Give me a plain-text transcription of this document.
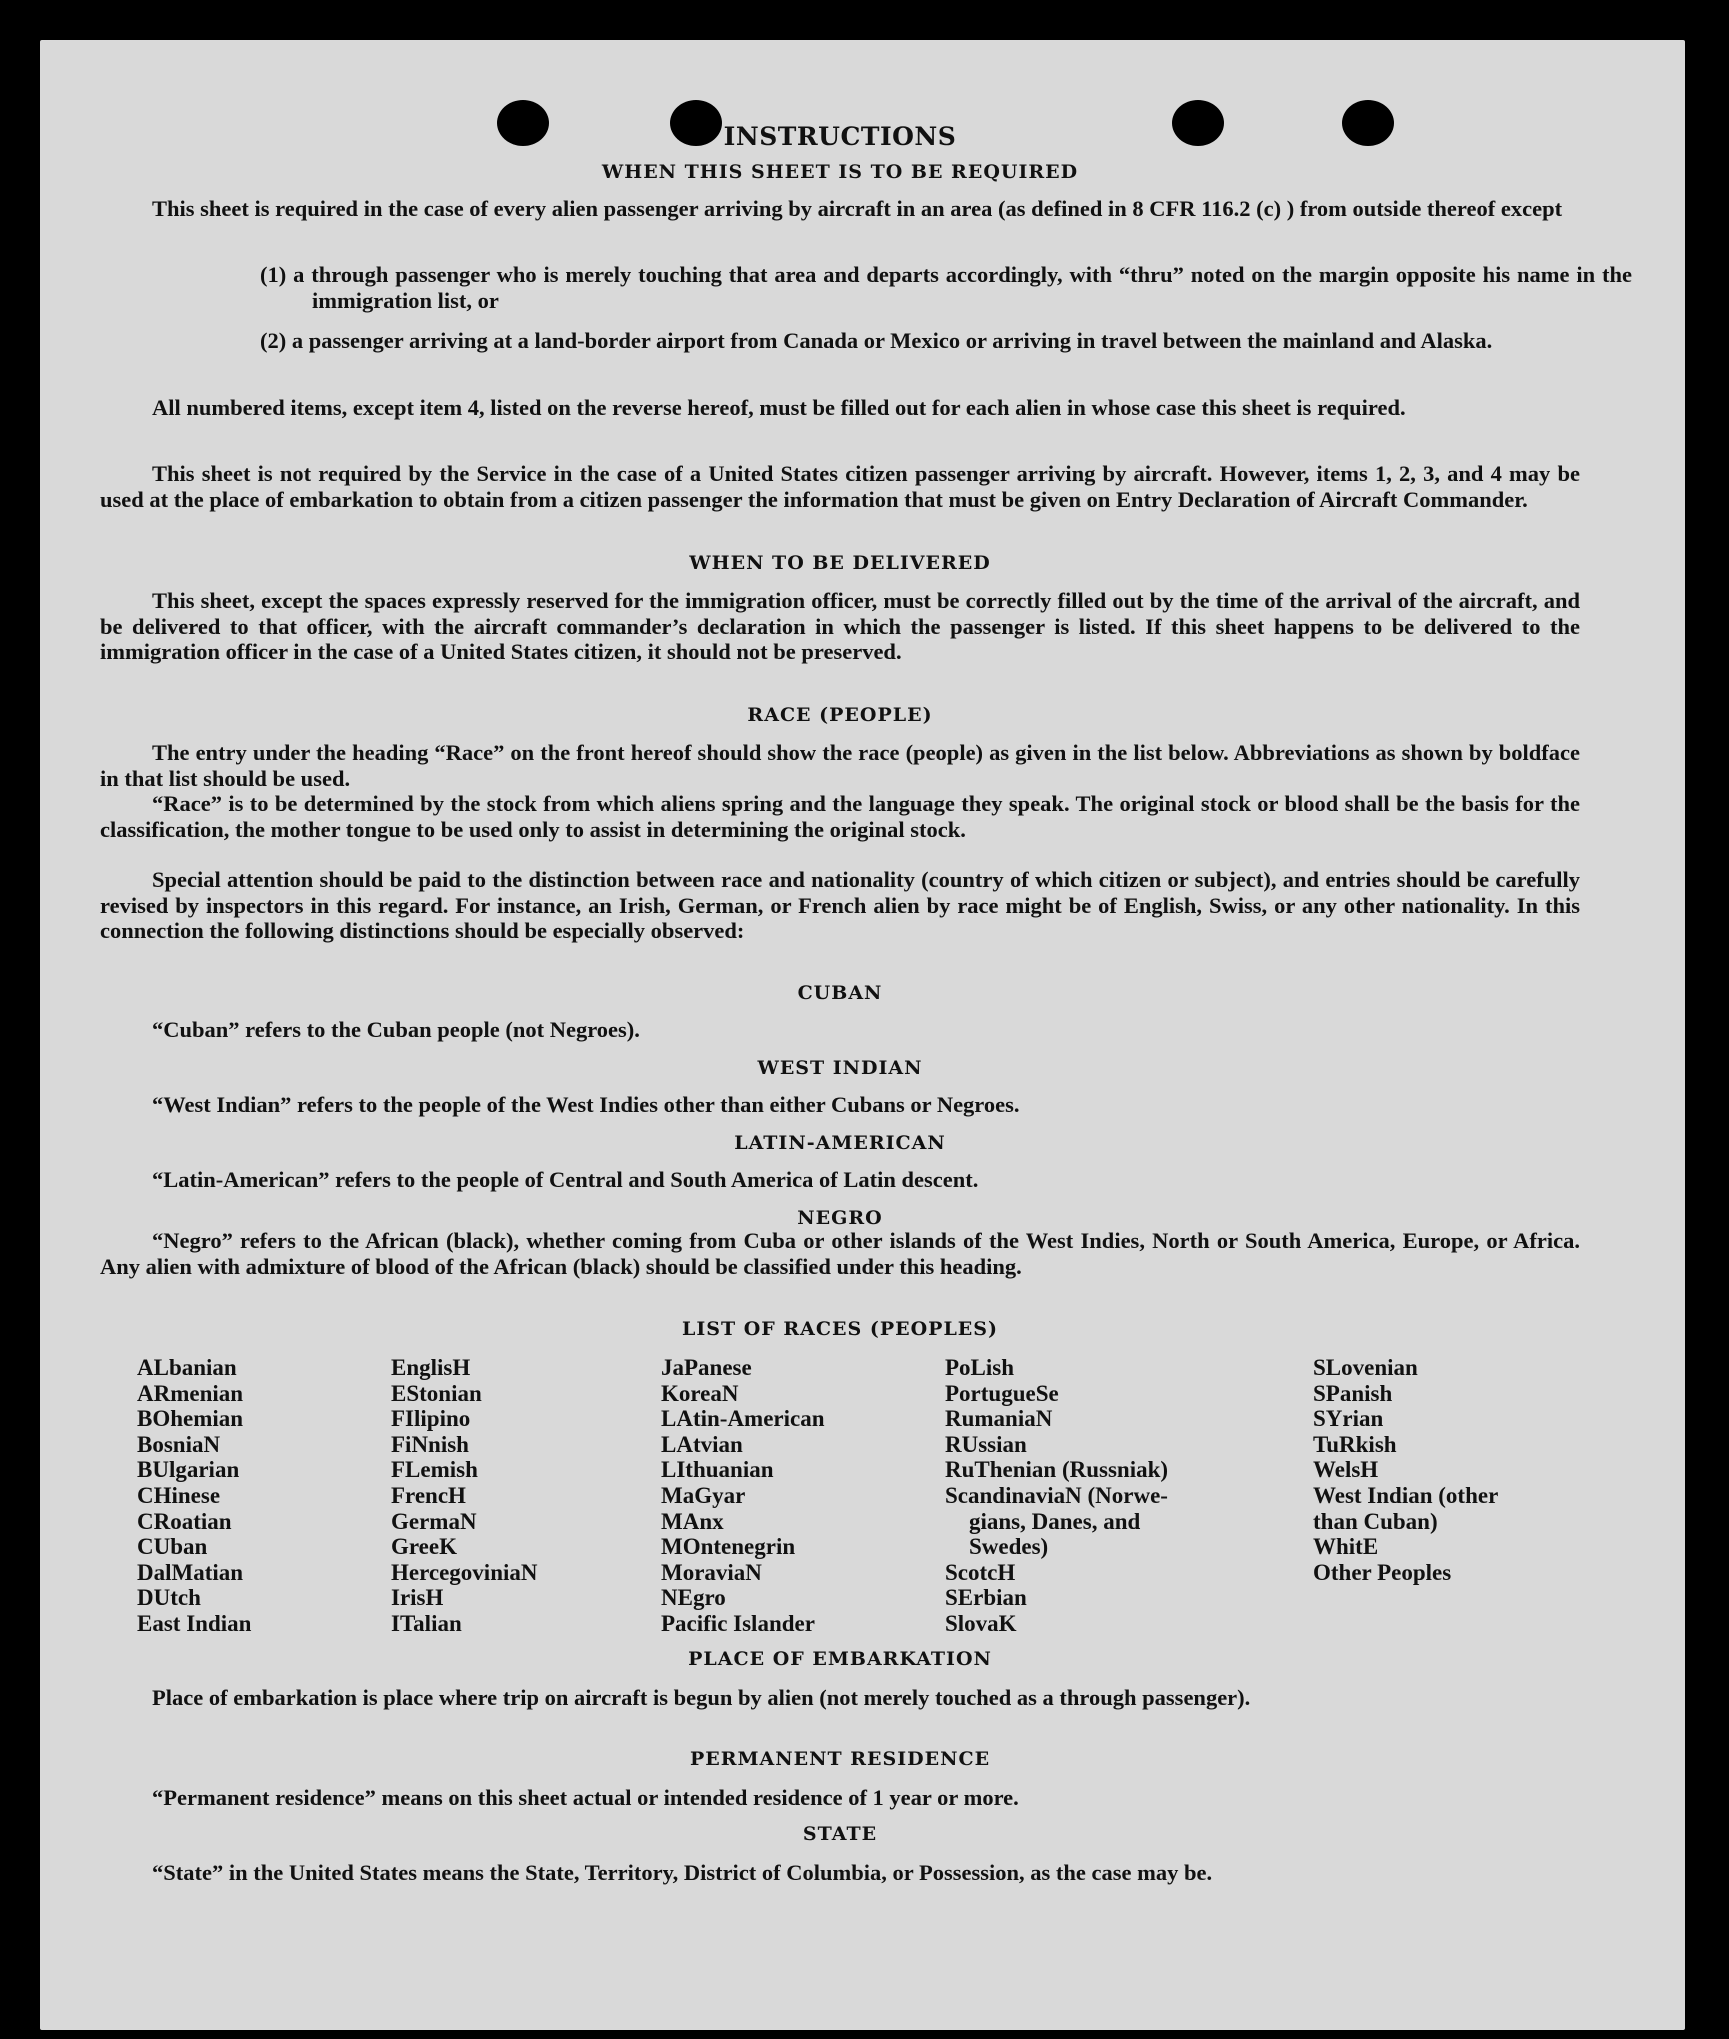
INSTRUCTIONS
WHEN THIS SHEET IS TO BE REQUIRED
This sheet is required in the case of every alien passenger arriving by aircraft in an area (as defined in 8 CFR 116.2 (c) ) from outside thereof except
(1) a through passenger who is merely touching that area and departs accordingly, with “thru” noted on the margin opposite his name in the immigration list, or
(2) a passenger arriving at a land-border airport from Canada or Mexico or arriving in travel between the mainland and Alaska.
All numbered items, except item 4, listed on the reverse hereof, must be filled out for each alien in whose case this sheet is required.
This sheet is not required by the Service in the case of a United States citizen passenger arriving by aircraft. However, items 1, 2, 3, and 4 may be used at the place of embarkation to obtain from a citizen passenger the information that must be given on Entry Declaration of Aircraft Commander.
WHEN TO BE DELIVERED
This sheet, except the spaces expressly reserved for the immigration officer, must be correctly filled out by the time of the arrival of the aircraft, and be delivered to that officer, with the aircraft commander’s declaration in which the passenger is listed. If this sheet happens to be delivered to the immigration officer in the case of a United States citizen, it should not be preserved.
RACE (PEOPLE)
The entry under the heading “Race” on the front hereof should show the race (people) as given in the list below. Abbreviations as shown by boldface in that list should be used.
“Race” is to be determined by the stock from which aliens spring and the language they speak. The original stock or blood shall be the basis for the classification, the mother tongue to be used only to assist in determining the original stock.
Special attention should be paid to the distinction between race and nationality (country of which citizen or subject), and entries should be carefully revised by inspectors in this regard. For instance, an Irish, German, or French alien by race might be of English, Swiss, or any other nationality. In this connection the following distinctions should be especially observed:
CUBAN
“Cuban” refers to the Cuban people (not Negroes).
WEST INDIAN
“West Indian” refers to the people of the West Indies other than either Cubans or Negroes.
LATIN-AMERICAN
“Latin-American” refers to the people of Central and South America of Latin descent.
NEGRO
“Negro” refers to the African (black), whether coming from Cuba or other islands of the West Indies, North or South America, Europe, or Africa. Any alien with admixture of blood of the African (black) should be classified under this heading.
LIST OF RACES (PEOPLES)
ALbanian
ARmenian
BOhemian
BosniaN
BUlgarian
CHinese
CRoatian
CUban
DalMatian
DUtch
East Indian
EnglisH
EStonian
FIlipino
FiNnish
FLemish
FrencH
GermaN
GreeK
HercegoviniaN
IrisH
ITalian
JaPanese
KoreaN
LAtin-American
LAtvian
LIthuanian
MaGyar
MAnx
MOntenegrin
MoraviaN
NEgro
Pacific Islander
PoLish
PortugueSe
RumaniaN
RUssian
RuThenian (Russniak)
ScandinaviaN (Norwe-
gians, Danes, and
Swedes)
ScotcH
SErbian
SlovaK
SLovenian
SPanish
SYrian
TuRkish
WelsH
West Indian (other
than Cuban)
WhitE
Other Peoples
PLACE OF EMBARKATION
Place of embarkation is place where trip on aircraft is begun by alien (not merely touched as a through passenger).
PERMANENT RESIDENCE
“Permanent residence” means on this sheet actual or intended residence of 1 year or more.
STATE
“State” in the United States means the State, Territory, District of Columbia, or Possession, as the case may be.
